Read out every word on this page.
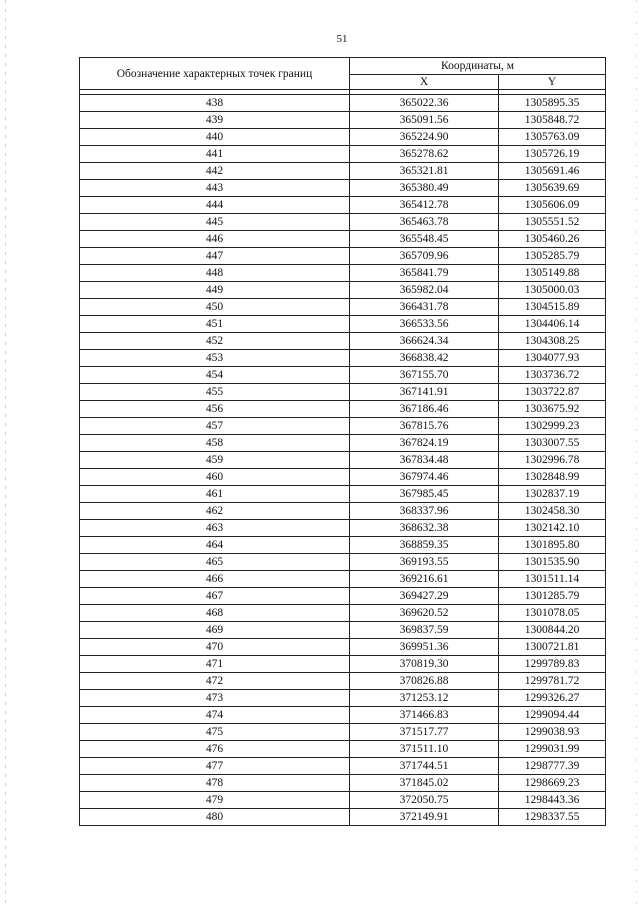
51
Обозначение характерных точек границ	Координаты, м	
	X	Y

438	365022.36	1305895.35
439	365091.56	1305848.72
440	365224.90	1305763.09
441	365278.62	1305726.19
442	365321.81	1305691.46
443	365380.49	1305639.69
444	365412.78	1305606.09
445	365463.78	1305551.52
446	365548.45	1305460.26
447	365709.96	1305285.79
448	365841.79	1305149.88
449	365982.04	1305000.03
450	366431.78	1304515.89
451	366533.56	1304406.14
452	366624.34	1304308.25
453	366838.42	1304077.93
454	367155.70	1303736.72
455	367141.91	1303722.87
456	367186.46	1303675.92
457	367815.76	1302999.23
458	367824.19	1303007.55
459	367834.48	1302996.78
460	367974.46	1302848.99
461	367985.45	1302837.19
462	368337.96	1302458.30
463	368632.38	1302142.10
464	368859.35	1301895.80
465	369193.55	1301535.90
466	369216.61	1301511.14
467	369427.29	1301285.79
468	369620.52	1301078.05
469	369837.59	1300844.20
470	369951.36	1300721.81
471	370819.30	1299789.83
472	370826.88	1299781.72
473	371253.12	1299326.27
474	371466.83	1299094.44
475	371517.77	1299038.93
476	371511.10	1299031.99
477	371744.51	1298777.39
478	371845.02	1298669.23
479	372050.75	1298443.36
480	372149.91	1298337.55
